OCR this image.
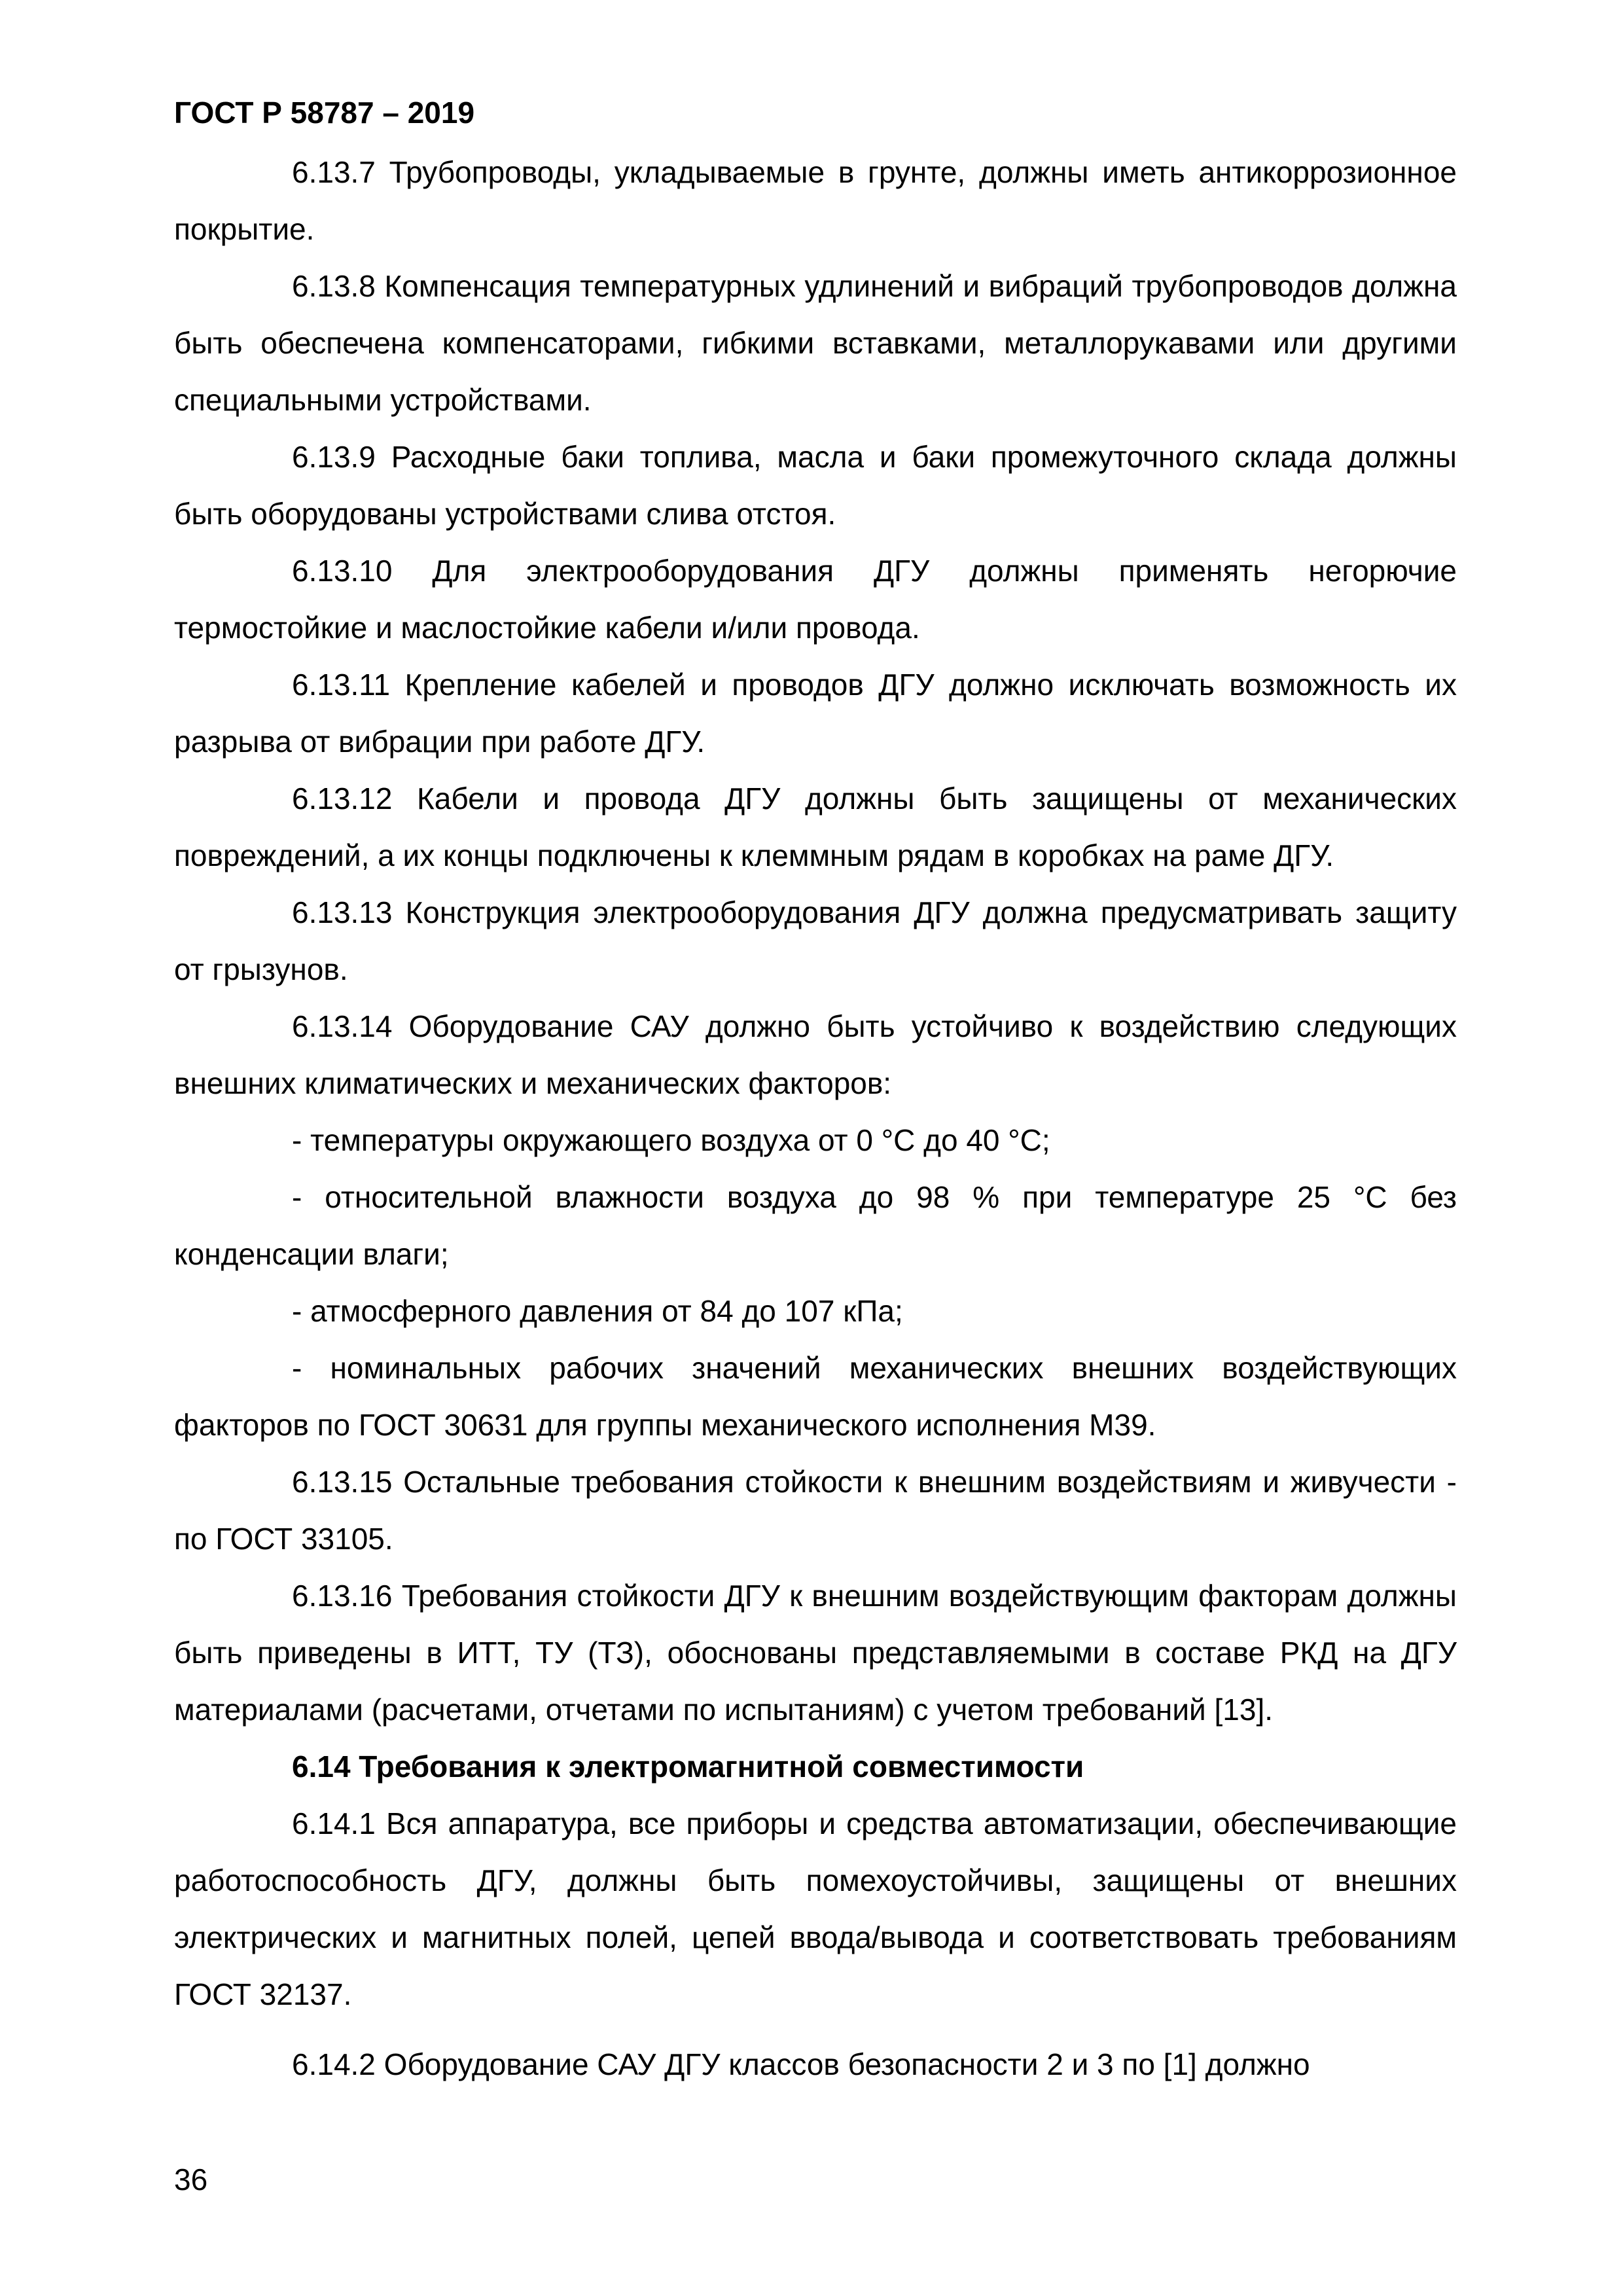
ГОСТ Р 58787 – 2019

6.13.7 Трубопроводы, укладываемые в грунте, должны иметь антикоррозионное покрытие.

6.13.8 Компенсация температурных удлинений и вибраций трубопроводов должна быть обеспечена компенсаторами, гибкими вставками, металлорукавами или другими специальными устройствами.

6.13.9 Расходные баки топлива, масла и баки промежуточного склада должны быть оборудованы устройствами слива отстоя.

6.13.10 Для электрооборудования ДГУ должны применять негорючие термостойкие и маслостойкие кабели и/или провода.

6.13.11 Крепление кабелей и проводов ДГУ должно исключать возможность их разрыва от вибрации при работе ДГУ.

6.13.12 Кабели и провода ДГУ должны быть защищены от механических повреждений, а их концы подключены к клеммным рядам в коробках на раме ДГУ.

6.13.13 Конструкция электрооборудования ДГУ должна предусматривать защиту от грызунов.

6.13.14 Оборудование САУ должно быть устойчиво к воздействию следующих внешних климатических и механических факторов:

- температуры окружающего воздуха от 0 °С до 40 °С;

- относительной влажности воздуха до 98 % при температуре 25 °С без конденсации влаги;

- атмосферного давления от 84 до 107 кПа;

- номинальных рабочих значений механических внешних воздействующих факторов по ГОСТ 30631 для группы механического исполнения М39.

6.13.15 Остальные требования стойкости к внешним воздействиям и живучести - по ГОСТ 33105.

6.13.16 Требования стойкости ДГУ к внешним воздействующим факторам должны быть приведены в ИТТ, ТУ (ТЗ), обоснованы представляемыми в составе РКД на ДГУ материалами (расчетами, отчетами по испытаниям) с учетом требований [13].

6.14 Требования к электромагнитной совместимости

6.14.1 Вся аппаратура, все приборы и средства автоматизации, обеспечивающие работоспособность ДГУ, должны быть помехоустойчивы, защищены от внешних электрических и магнитных полей, цепей ввода/вывода и соответствовать требованиям ГОСТ 32137.

6.14.2 Оборудование САУ ДГУ классов безопасности 2 и 3 по [1] должно

36
